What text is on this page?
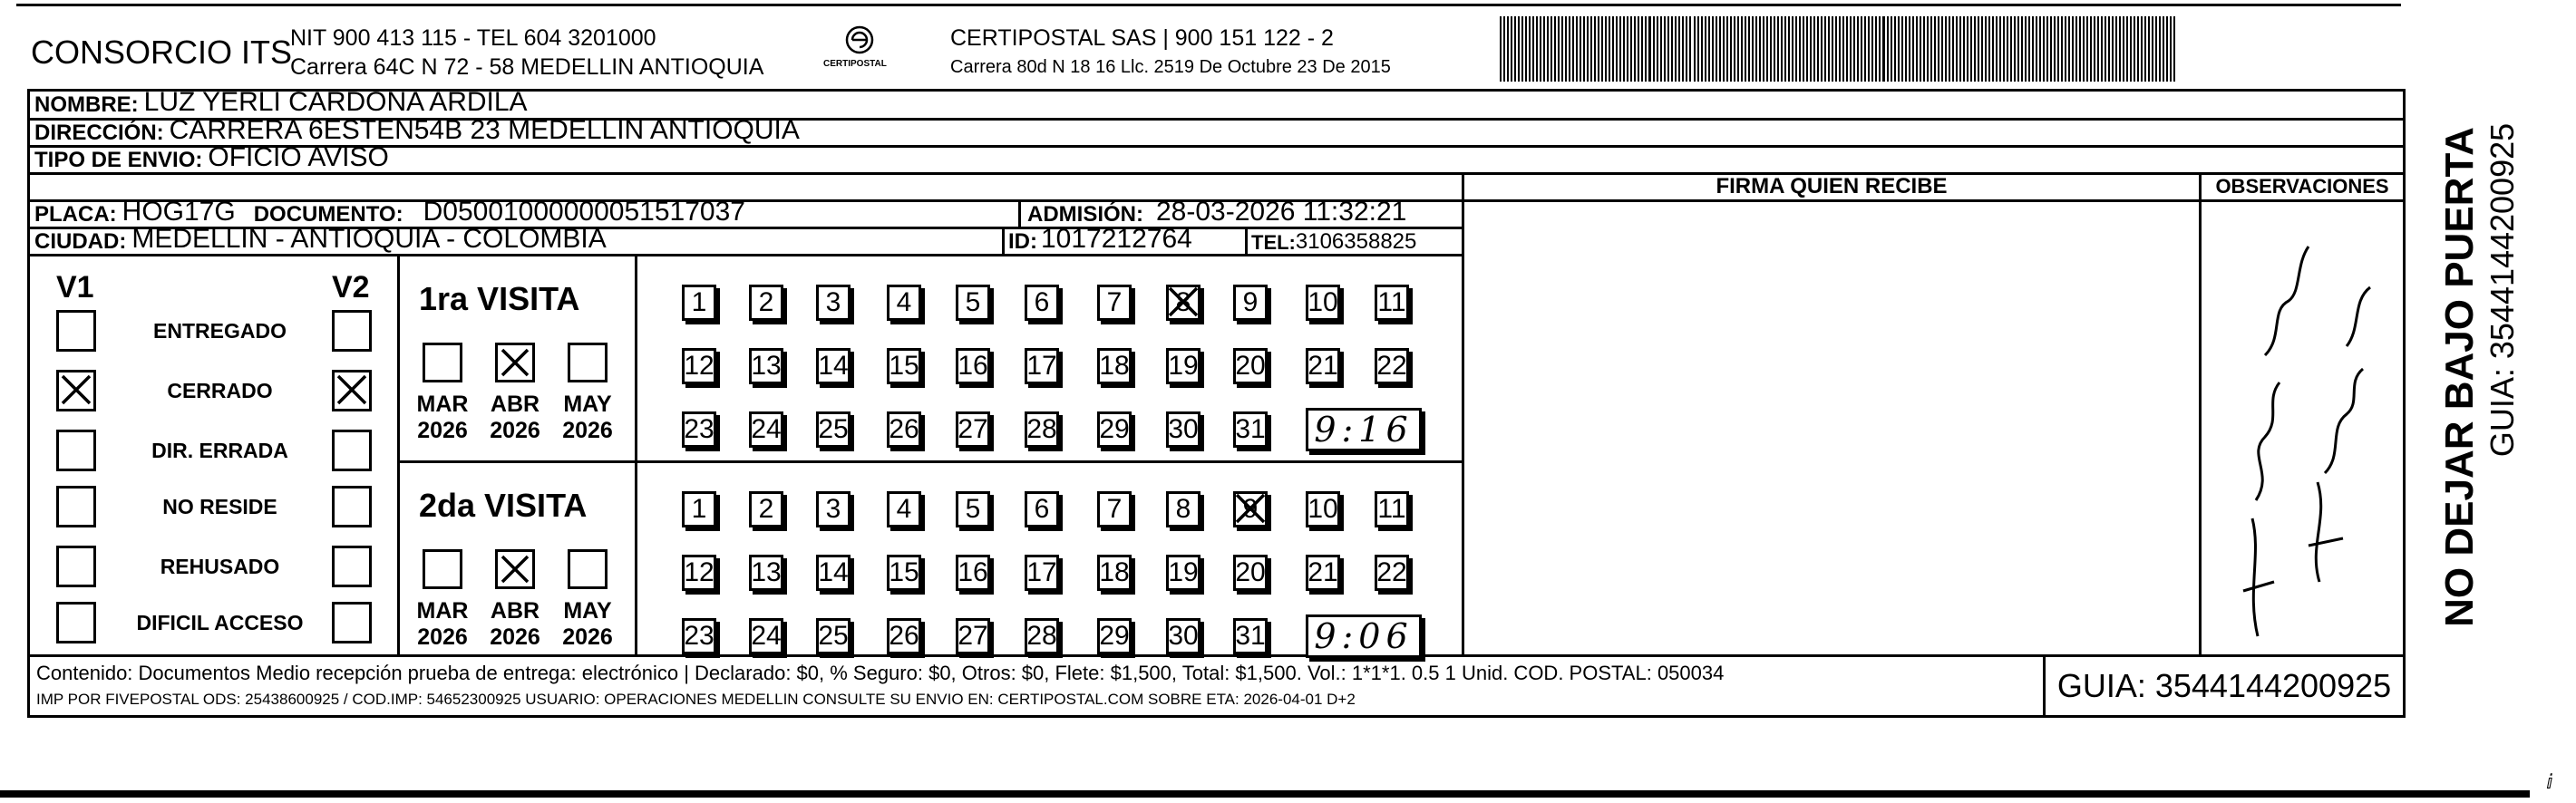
CONSORCIO ITS
NIT 900 413 115 - TEL 604 3201000
Carrera 64C N 72 - 58 MEDELLIN ANTIOQUIA	CERTIPOSTAL
CERTIPOSTAL SAS | 900 151 122 - 2
Carrera 80d N 18 16 Llc. 2519 De Octubre 23 De 2015
NOMBRE: LUZ YERLI CARDONA ARDILA
DIRECCIÓN: CARRERA 6ESTEN54B 23 MEDELLIN ANTIOQUIA
TIPO DE ENVIO: OFICIO AVISO
FIRMA QUIEN RECIBE	OBSERVACIONES
PLACA: HOG17G DOCUMENTO: D05001000000051517037	ADMISIÓN: 28-03-2026 11:32:21
CIUDAD: MEDELLIN - ANTIOQUIA - COLOMBIA	ID: 1017212764	TEL: 3106358825
V1	V2
ENTREGADO
CERRADO
DIR. ERRADA
NO RESIDE
REHUSADO
DIFICIL ACCESO
1ra VISITA
MAR
2026
ABR
2026
MAY
2026
1 2 3 4 5 6 7 8 9 10 11
12 13 14 15 16 17 18 19 20 21 22
23 24 25 26 27 28 29 30 31 9:16
2da VISITA
MAR
2026
ABR
2026
MAY
2026
1 2 3 4 5 6 7 8 9 10 11
12 13 14 15 16 17 18 19 20 21 22
23 24 25 26 27 28 29 30 31 9:06
NO DEJAR BAJO PUERTA GUIA: 3544144200925
Contenido: Documentos Medio recepción prueba de entrega: electrónico | Declarado: $0, % Seguro: $0, Otros: $0, Flete: $1,500, Total: $1,500. Vol.: 1*1*1. 0.5 1 Unid. COD. POSTAL: 050034
IMP POR FIVEPOSTAL ODS: 25438600925 / COD.IMP: 54652300925 USUARIO: OPERACIONES MEDELLIN CONSULTE SU ENVIO EN: CERTIPOSTAL.COM SOBRE ETA: 2026-04-01 D+2	GUIA: 3544144200925
ⅈ
